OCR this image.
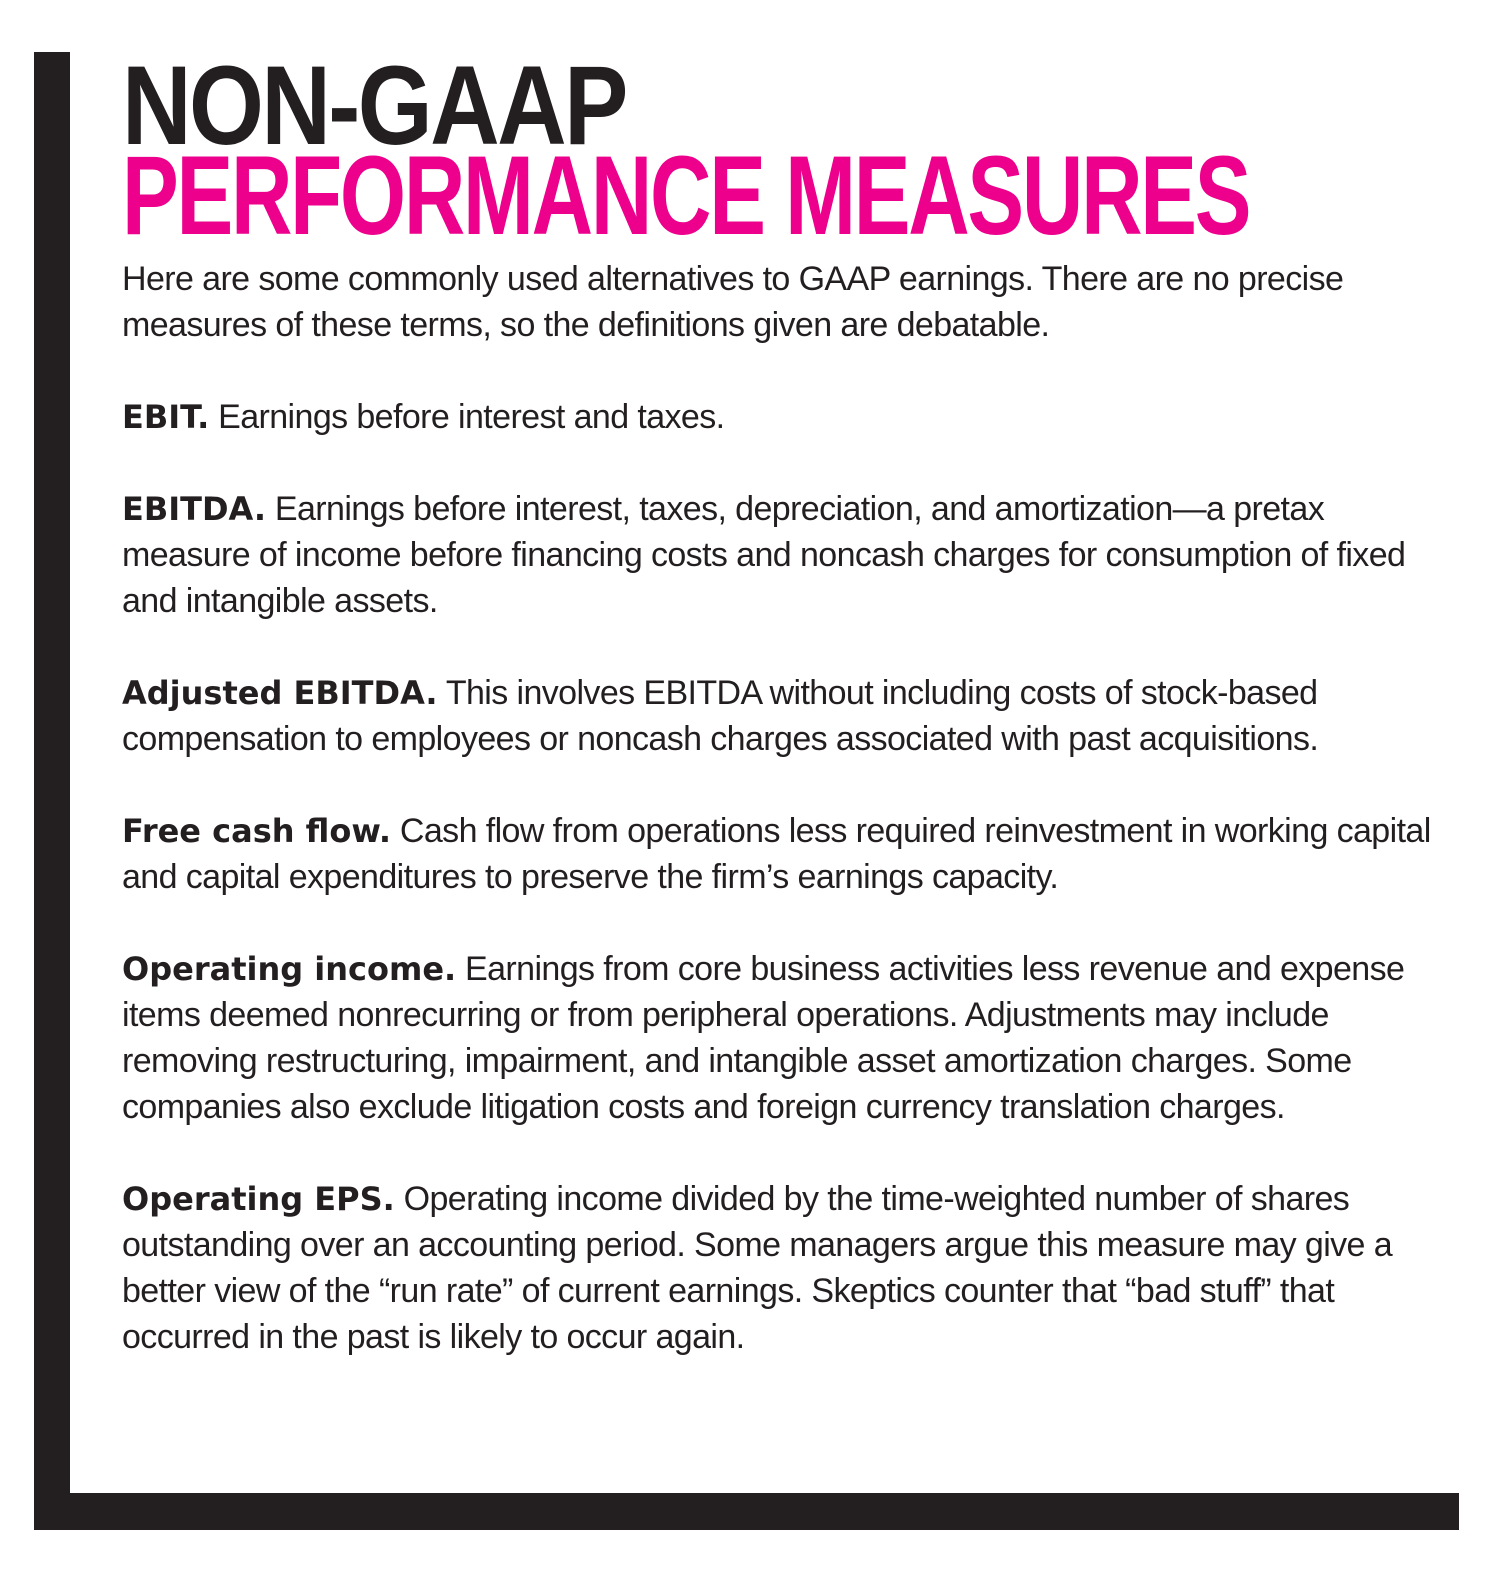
NON-GAAP
PERFORMANCE MEASURES

Here are some commonly used alternatives to GAAP earnings. There are no precise measures of these terms, so the definitions given are debatable.

EBIT. Earnings before interest and taxes.

EBITDA. Earnings before interest, taxes, depreciation, and amortization—a pretax measure of income before financing costs and noncash charges for consumption of fixed and intangible assets.

Adjusted EBITDA. This involves EBITDA without including costs of stock-based compensation to employees or noncash charges associated with past acquisitions.

Free cash flow. Cash flow from operations less required reinvestment in working capital and capital expenditures to preserve the firm’s earnings capacity.

Operating income. Earnings from core business activities less revenue and expense items deemed nonrecurring or from peripheral operations. Adjustments may include removing restructuring, impairment, and intangible asset amortization charges. Some companies also exclude litigation costs and foreign currency translation charges.

Operating EPS. Operating income divided by the time-weighted number of shares outstanding over an accounting period. Some managers argue this measure may give a better view of the “run rate” of current earnings. Skeptics counter that “bad stuff” that occurred in the past is likely to occur again.
